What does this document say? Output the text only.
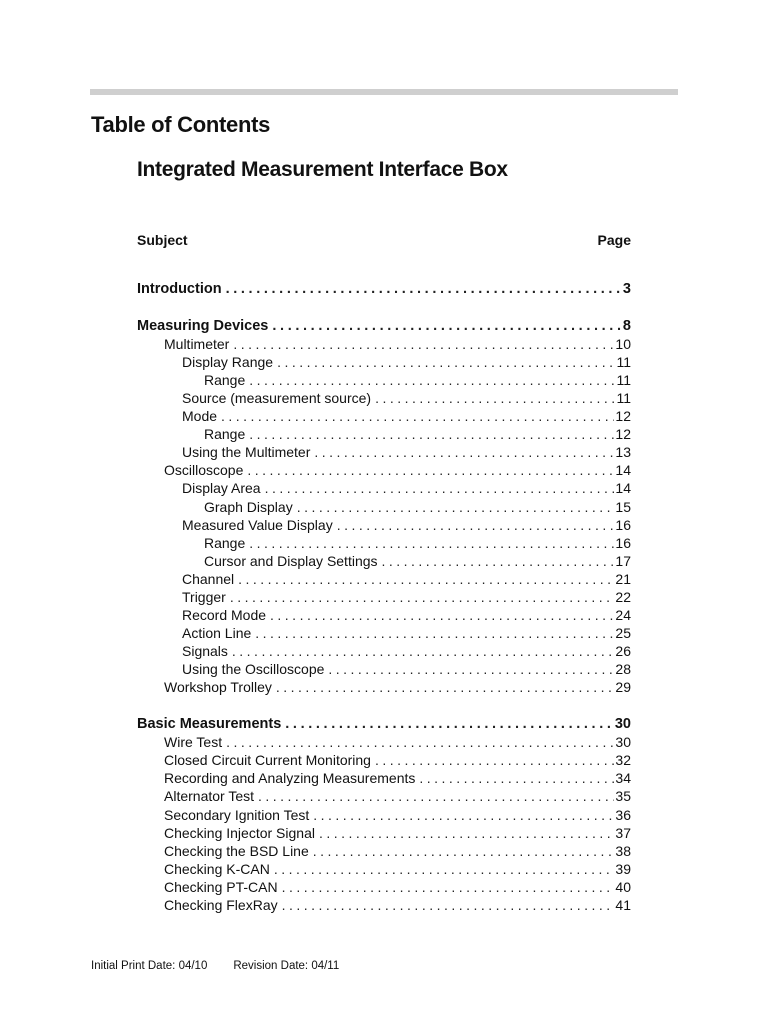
Table of Contents
Integrated Measurement Interface Box
Subject	Page
Introduction . . .	3
Measuring Devices . . .	8
Multimeter . . .	10
Display Range . . .	11
Range . . .	11
Source (measurement source) . . .	11
Mode . . .	12
Range . . .	12
Using the Multimeter . . .	13
Oscilloscope . . .	14
Display Area . . .	14
Graph Display . . .	15
Measured Value Display . . .	16
Range . . .	16
Cursor and Display Settings . . .	17
Channel . . .	21
Trigger . . .	22
Record Mode . . .	24
Action Line . . .	25
Signals . . .	26
Using the Oscilloscope . . .	28
Workshop Trolley . . .	29
Basic Measurements . . .	30
Wire Test . . .	30
Closed Circuit Current Monitoring . . .	32
Recording and Analyzing Measurements . . .	34
Alternator Test . . .	35
Secondary Ignition Test . . .	36
Checking Injector Signal . . .	37
Checking the BSD Line . . .	38
Checking K-CAN . . .	39
Checking PT-CAN . . .	40
Checking FlexRay . . .	41
Initial Print Date: 04/10 Revision Date: 04/11
